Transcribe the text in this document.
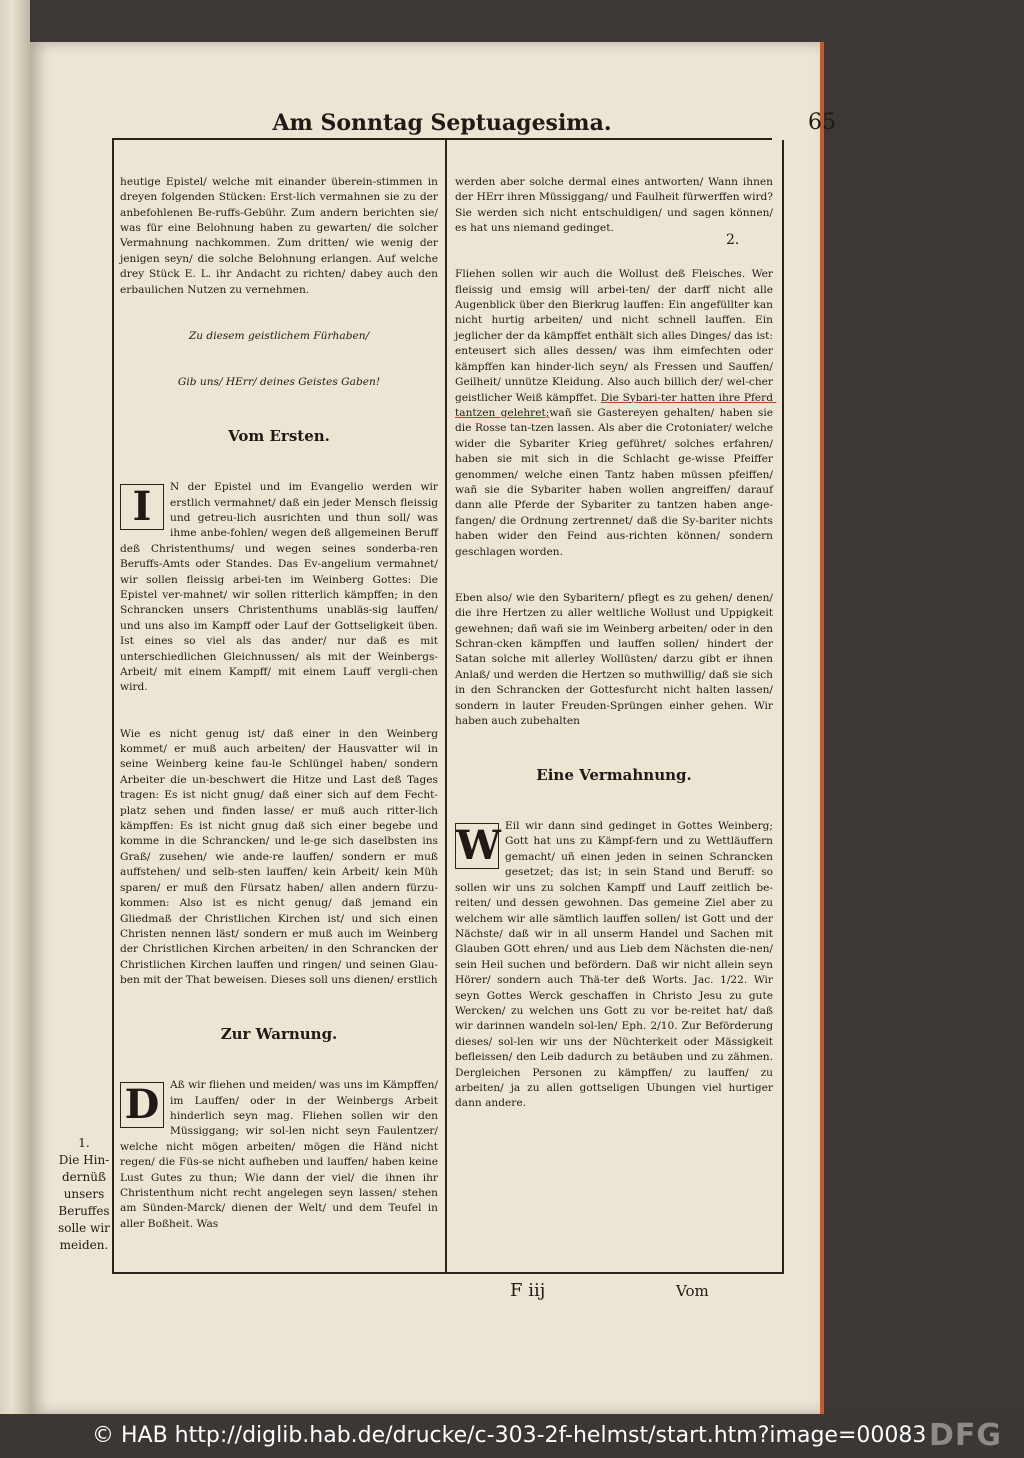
Am Sonntag Septuagesima.	65

heutige Epistel/ welche mit einander überein-stimmen in dreyen folgenden Stücken: Erst-lich vermahnen sie zu der anbefohlenen Be-ruffs-Gebühr. Zum andern berichten sie/ was für eine Belohnung haben zu gewarten/ die solcher Vermahnung nachkommen. Zum dritten/ wie wenig der jenigen seyn/ die solche Belohnung erlangen. Auf welche drey Stück E. L. ihr Andacht zu richten/ dabey auch den erbaulichen Nutzen zu vernehmen.

Zu diesem geistlichem Fürhaben/

Gib uns/ HErr/ deines Geistes Gaben!

Vom Ersten.

I	N der Epistel und im Evangelio werden wir erstlich vermahnet/ daß ein jeder Mensch fleissig und getreu-lich ausrichten und thun soll/ was ihme anbe-fohlen/ wegen deß allgemeinen Beruff deß Christenthums/ und wegen seines sonderba-ren Beruffs-Amts oder Standes. Das Ev-angelium vermahnet/ wir sollen fleissig arbei-ten im Weinberg Gottes: Die Epistel ver-mahnet/ wir sollen ritterlich kämpffen; in den Schrancken unsers Christenthums unabläs-sig lauffen/ und uns also im Kampff oder Lauf der Gottseligkeit üben. Ist eines so viel als das ander/ nur daß es mit unterschiedlichen Gleichnussen/ als mit der Weinbergs-Arbeit/ mit einem Kampff/ mit einem Lauff vergli-chen wird.

Wie es nicht genug ist/ daß einer in den Weinberg kommet/ er muß auch arbeiten/ der Hausvatter wil in seine Weinberg keine fau-le Schlüngel haben/ sondern Arbeiter die un-beschwert die Hitze und Last deß Tages tragen: Es ist nicht gnug/ daß einer sich auf dem Fecht-platz sehen und finden lasse/ er muß auch ritter-lich kämpffen: Es ist nicht gnug daß sich einer begebe und komme in die Schrancken/ und le-ge sich daselbsten ins Graß/ zusehen/ wie ande-re lauffen/ sondern er muß auffstehen/ und selb-sten lauffen/ kein Arbeit/ kein Müh sparen/ er muß den Fürsatz haben/ allen andern fürzu-kommen: Also ist es nicht genug/ daß jemand ein Gliedmaß der Christlichen Kirchen ist/ und sich einen Christen nennen läst/ sondern er muß auch im Weinberg der Christlichen Kirchen arbeiten/ in den Schrancken der Christlichen Kirchen lauffen und ringen/ und seinen Glau-ben mit der That beweisen. Dieses soll uns dienen/ erstlich

Zur Warnung.

D	Aß wir fliehen und meiden/ was uns im Kämpffen/ im Lauffen/ oder in der Weinbergs Arbeit hinderlich seyn mag. Fliehen sollen wir den Müssiggang; wir sol-len nicht seyn Faulentzer/ welche nicht mögen arbeiten/ mögen die Händ nicht regen/ die Füs-se nicht aufheben und lauffen/ haben keine Lust Gutes zu thun; Wie dann der viel/ die ihnen ihr Christenthum nicht recht angelegen seyn lassen/ stehen am Sünden-Marck/ dienen der Welt/ und dem Teufel in aller Boßheit. Was

werden aber solche dermal eines antworten/ Wann ihnen der HErr ihren Müssiggang/ und Faulheit fürwerffen wird? Sie werden sich nicht entschuldigen/ und sagen können/ es hat uns niemand gedinget.

Fliehen sollen wir auch die Wollust deß Fleisches. Wer fleissig und emsig will arbei-ten/ der darff nicht alle Augenblick über den Bierkrug lauffen: Ein angefüllter kan nicht hurtig arbeiten/ und nicht schnell lauffen. Ein jeglicher der da kämpffet enthält sich alles Dinges/ das ist: enteusert sich alles dessen/ was ihm eimfechten oder kämpffen kan hinder-lich seyn/ als Fressen und Sauffen/ Geilheit/ unnütze Kleidung. Also auch billich der/ wel-cher geistlicher Weiß kämpffet. Die Sybari-ter hatten ihre Pferd tantzen gelehret;wañ sie Gastereyen gehalten/ haben sie die Rosse tan-tzen lassen. Als aber die Crotoniater/ welche wider die Sybariter Krieg geführet/ solches erfahren/ haben sie mit sich in die Schlacht ge-wisse Pfeiffer genommen/ welche einen Tantz haben müssen pfeiffen/ wañ sie die Sybariter haben wollen angreiffen/ darauf dann alle Pferde der Sybariter zu tantzen haben ange-fangen/ die Ordnung zertrennet/ daß die Sy-bariter nichts haben wider den Feind aus-richten können/ sondern geschlagen worden.

Eben also/ wie den Sybaritern/ pflegt es zu gehen/ denen/ die ihre Hertzen zu aller weltliche Wollust und Uppigkeit gewehnen; dañ wañ sie im Weinberg arbeiten/ oder in den Schran-cken kämpffen und lauffen sollen/ hindert der Satan solche mit allerley Wollüsten/ darzu gibt er ihnen Anlaß/ und werden die Hertzen so muthwillig/ daß sie sich in den Schrancken der Gottesfurcht nicht halten lassen/ sondern in lauter Freuden-Sprüngen einher gehen. Wir haben auch zubehalten

Eine Vermahnung.

W Eil wir dann sind gedinget in Gottes Weinberg; Gott hat uns zu Kämpf-fern und zu Wettläuffern gemacht/ uñ einen jeden in seinen Schrancken gesetzet; das ist; in sein Stand und Beruff: so sollen wir uns zu solchen Kampff und Lauff zeitlich be-reiten/ und dessen gewohnen. Das gemeine Ziel aber zu welchem wir alle sämtlich lauffen sollen/ ist Gott und der Nächste/ daß wir in all unserm Handel und Sachen mit Glauben GOtt ehren/ und aus Lieb dem Nächsten die-nen/ sein Heil suchen und befördern. Daß wir nicht allein seyn Hörer/ sondern auch Thä-ter deß Worts. Jac. 1/22. Wir seyn Gottes Werck geschaffen in Christo Jesu zu gute Wercken/ zu welchen uns Gott zu vor be-reitet hat/ daß wir darinnen wandeln sol-len/ Eph. 2/10. Zur Beförderung dieses/ sol-len wir uns der Nüchterkeit oder Mässigkeit befleissen/ den Leib dadurch zu betäuben und zu zähmen. Dergleichen Personen zu kämpffen/ zu lauffen/ zu arbeiten/ ja zu allen gottseligen Ubungen viel hurtiger dann andere.

2.
1.
Die Hin-
dernüß
unsers
Beruffes
solle wir
meiden.
F iij	Vom
© HAB http://diglib.hab.de/drucke/c-303-2f-helmst/start.htm?image=00083 DFG
